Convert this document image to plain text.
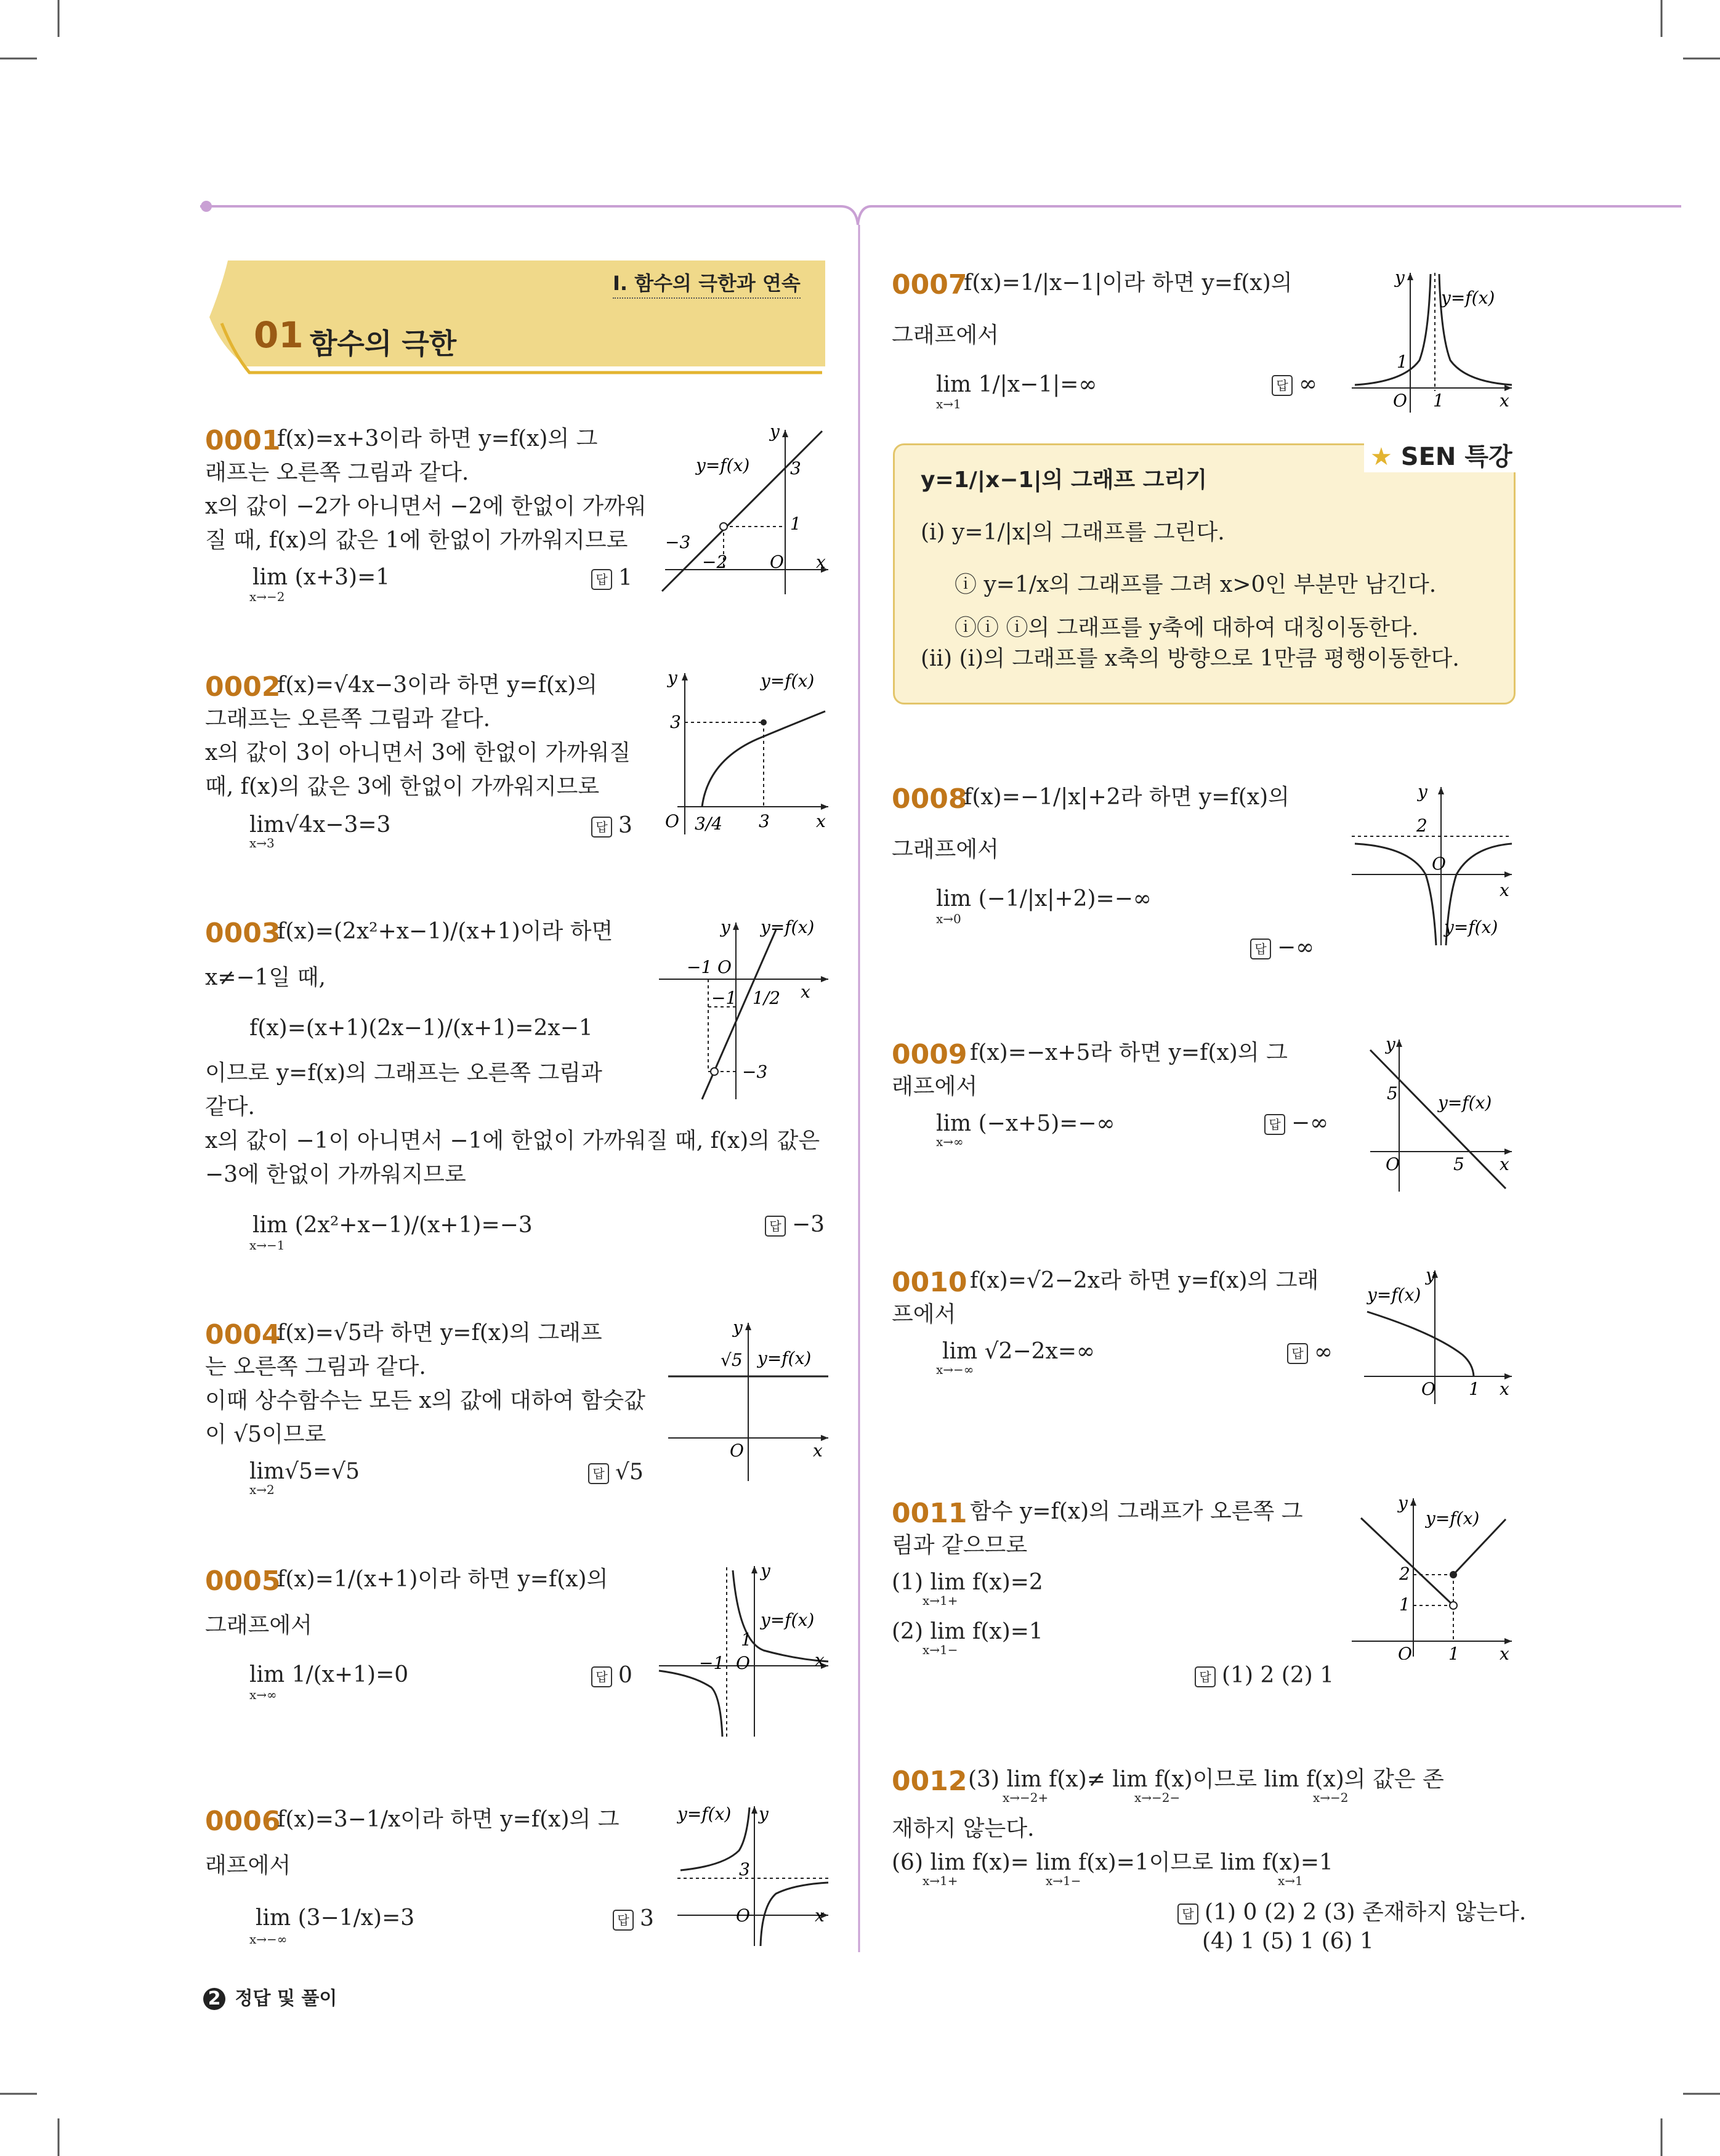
Ⅰ. 함수의 극한과 연속
01 함수의 극한
0001
f(x)=x+3이라 하면 y=f(x)의 그
래프는 오른쪽 그림과 같다.
x의 값이 −2가 아니면서 −2에 한없이 가까워
질 때, f(x)의 값은 1에 한없이 가까워지므로
lim (x+3)=1
x→−2
답 1
y=f(x)
y
x
O
3
1
−3
−2
0002
f(x)=√4x−3이라 하면 y=f(x)의
그래프는 오른쪽 그림과 같다.
x의 값이 3이 아니면서 3에 한없이 가까워질
때, f(x)의 값은 3에 한없이 가까워지므로
lim√4x−3=3
x→3
답 3
y=f(x)
y
x
O
3
3/4 3
0003
f(x)=(2x²+x−1)/(x+1)이라 하면
x≠−1일 때,
f(x)=(x+1)(2x−1)/(x+1)=2x−1
이므로 y=f(x)의 그래프는 오른쪽 그림과
같다.
x의 값이 −1이 아니면서 −1에 한없이 가까워질 때, f(x)의 값은
−3에 한없이 가까워지므로
lim (2x²+x−1)/(x+1)=−3
x→−1
답 −3
y=f(x)
y
x
O
−1
−1 1/2
−3
0004
f(x)=√5라 하면 y=f(x)의 그래프
는 오른쪽 그림과 같다.
이때 상수함수는 모든 x의 값에 대하여 함숫값
이 √5이므로
lim√5=√5
x→2
답 √5
y=f(x)
y
x
O
√5
0005
f(x)=1/(x+1)이라 하면 y=f(x)의
그래프에서
lim 1/(x+1)=0
x→∞
답 0
y=f(x)
y
x
O
1
−1
0006
f(x)=3−1/x이라 하면 y=f(x)의 그
래프에서
lim (3−1/x)=3
x→−∞
답 3
y=f(x) y
x
O
3
2 정답 및 풀이
0007
f(x)=1/|x−1|이라 하면 y=f(x)의
그래프에서
lim 1/|x−1|=∞
x→1
답 ∞
y=f(x)
y
x
O
1
1
★ SEN 특강
y=1/|x−1|의 그래프 그리기
(ⅰ) y=1/|x|의 그래프를 그린다.
ⓘ y=1/x의 그래프를 그려 x>0인 부분만 남긴다.
ⓘⓘ ⓘ의 그래프를 y축에 대하여 대칭이동한다.
(ⅱ) (ⅰ)의 그래프를 x축의 방향으로 1만큼 평행이동한다.
0008
f(x)=−1/|x|+2라 하면 y=f(x)의
그래프에서
lim (−1/|x|+2)=−∞
x→0
답 −∞
y=f(x)
y
x
O
2
0009 f(x)=−x+5라 하면 y=f(x)의 그
래프에서
lim (−x+5)=−∞
x→∞
답 −∞
y=f(x)
y
x
O
5
5
0010 f(x)=√2−2x라 하면 y=f(x)의 그래
프에서
lim √2−2x=∞
x→−∞
답 ∞
y=f(x)
y
x
O 1
0011 함수 y=f(x)의 그래프가 오른쪽 그
림과 같으므로
(1) lim f(x)=2
x→1+
(2) lim f(x)=1
x→1−
답 (1) 2 (2) 1
y=f(x)
y
x
O
2
1
1
0012 (3) lim f(x)≠ lim f(x)이므로 lim f(x)의 값은 존
x→−2+	x→−2−	x→−2
재하지 않는다.
(6) lim f(x)= lim f(x)=1이므로 lim f(x)=1
x→1+	x→1−	x→1
답 (1) 0 (2) 2 (3) 존재하지 않는다.
(4) 1 (5) 1 (6) 1
